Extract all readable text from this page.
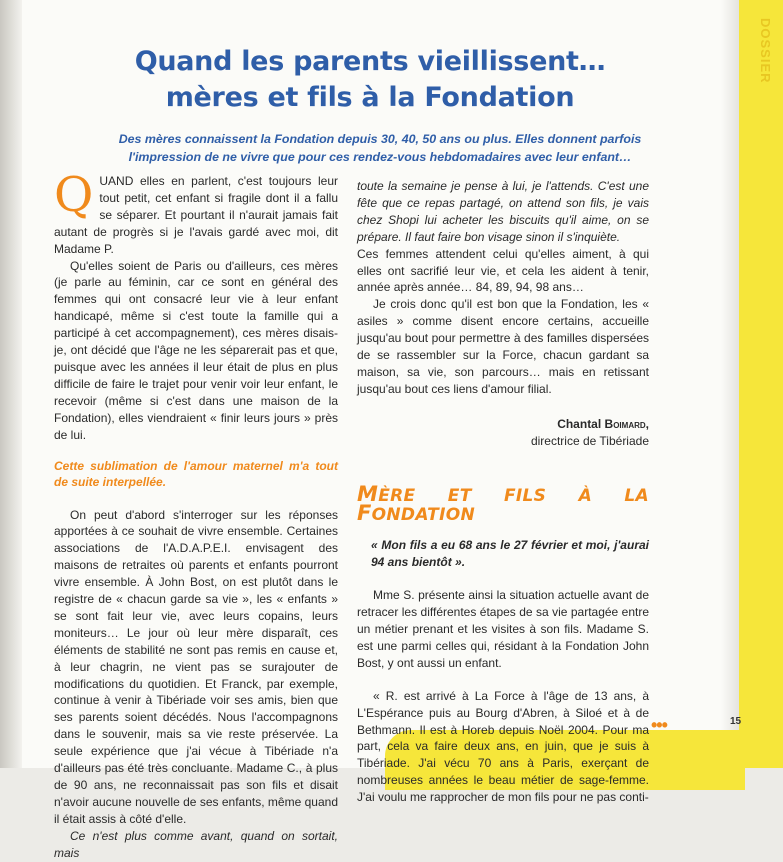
DOSSIER
Quand les parents vieillissent…
mères et fils à la Fondation
Des mères connaissent la Fondation depuis 30, 40, 50 ans ou plus. Elles donnent parfois
l'impression de ne vivre que pour ces rendez-vous hebdomadaires avec leur enfant…

QUAND elles en parlent, c'est toujours leur tout petit, cet enfant si fragile dont il a fallu se séparer. Et pourtant il n'aurait jamais fait autant de progrès si je l'avais gardé avec moi, dit Madame P.

Qu'elles soient de Paris ou d'ailleurs, ces mères (je parle au féminin, car ce sont en général des femmes qui ont consacré leur vie à leur enfant handicapé, même si c'est toute la famille qui a participé à cet accompagnement), ces mères disais-je, ont décidé que l'âge ne les séparerait pas et que, puisque avec les années il leur était de plus en plus difficile de faire le trajet pour venir voir leur enfant, le recevoir (même si c'est dans une maison de la Fondation), elles viendraient « finir leurs jours » près de lui.

Cette sublimation de l'amour maternel m'a tout de suite interpellée.

On peut d'abord s'interroger sur les réponses apportées à ce souhait de vivre ensemble. Certaines associations de l'A.D.A.P.E.I. envisagent des maisons de retraites où parents et enfants pourront vivre ensemble. À John Bost, on est plutôt dans le registre de « chacun garde sa vie », les « enfants » se sont fait leur vie, avec leurs copains, leurs moniteurs… Le jour où leur mère disparaît, ces éléments de stabilité ne sont pas remis en cause et, à leur chagrin, ne vient pas se surajouter de modifications du quotidien. Et Franck, par exemple, continue à venir à Tibériade voir ses amis, bien que ses parents soient décédés. Nous l'accompagnons dans le souvenir, mais sa vie reste préservée. La seule expérience que j'ai vécue à Tibériade n'a d'ailleurs pas été très concluante. Madame C., à plus de 90 ans, ne reconnaissait pas son fils et disait n'avoir aucune nouvelle de ses enfants, même quand il était assis à côté d'elle.

Ce n'est plus comme avant, quand on sortait, mais

toute la semaine je pense à lui, je l'attends. C'est une fête que ce repas partagé, on attend son fils, je vais chez Shopi lui acheter les biscuits qu'il aime, on se prépare. Il faut faire bon visage sinon il s'inquiète.

Ces femmes attendent celui qu'elles aiment, à qui elles ont sacrifié leur vie, et cela les aident à tenir, année après année… 84, 89, 94, 98 ans…

Je crois donc qu'il est bon que la Fondation, les « asiles » comme disent encore certains, accueille jusqu'au bout pour permettre à des familles dispersées de se rassembler sur la Force, chacun gardant sa maison, sa vie, son parcours… mais en retissant jusqu'au bout ces liens d'amour filial.

Chantal Boimard,
directrice de Tibériade
MÈRE ET FILS À LA FONDATION

« Mon fils a eu 68 ans le 27 février et moi, j'aurai 94 ans bientôt ».

Mme S. présente ainsi la situation actuelle avant de retracer les différentes étapes de sa vie partagée entre un métier prenant et les visites à son fils. Madame S. est une parmi celles qui, résidant à la Fondation John Bost, y ont aussi un enfant.

« R. est arrivé à La Force à l'âge de 13 ans, à L'Espérance puis au Bourg d'Abren, à Siloé et à de Bethmann. Il est à Horeb depuis Noël 2004. Pour ma part, cela va faire deux ans, en juin, que je suis à Tibériade. J'ai vécu 70 ans à Paris, exerçant de nombreuses années le beau métier de sage-femme. J'ai voulu me rapprocher de mon fils pour ne pas conti-

•••	15
